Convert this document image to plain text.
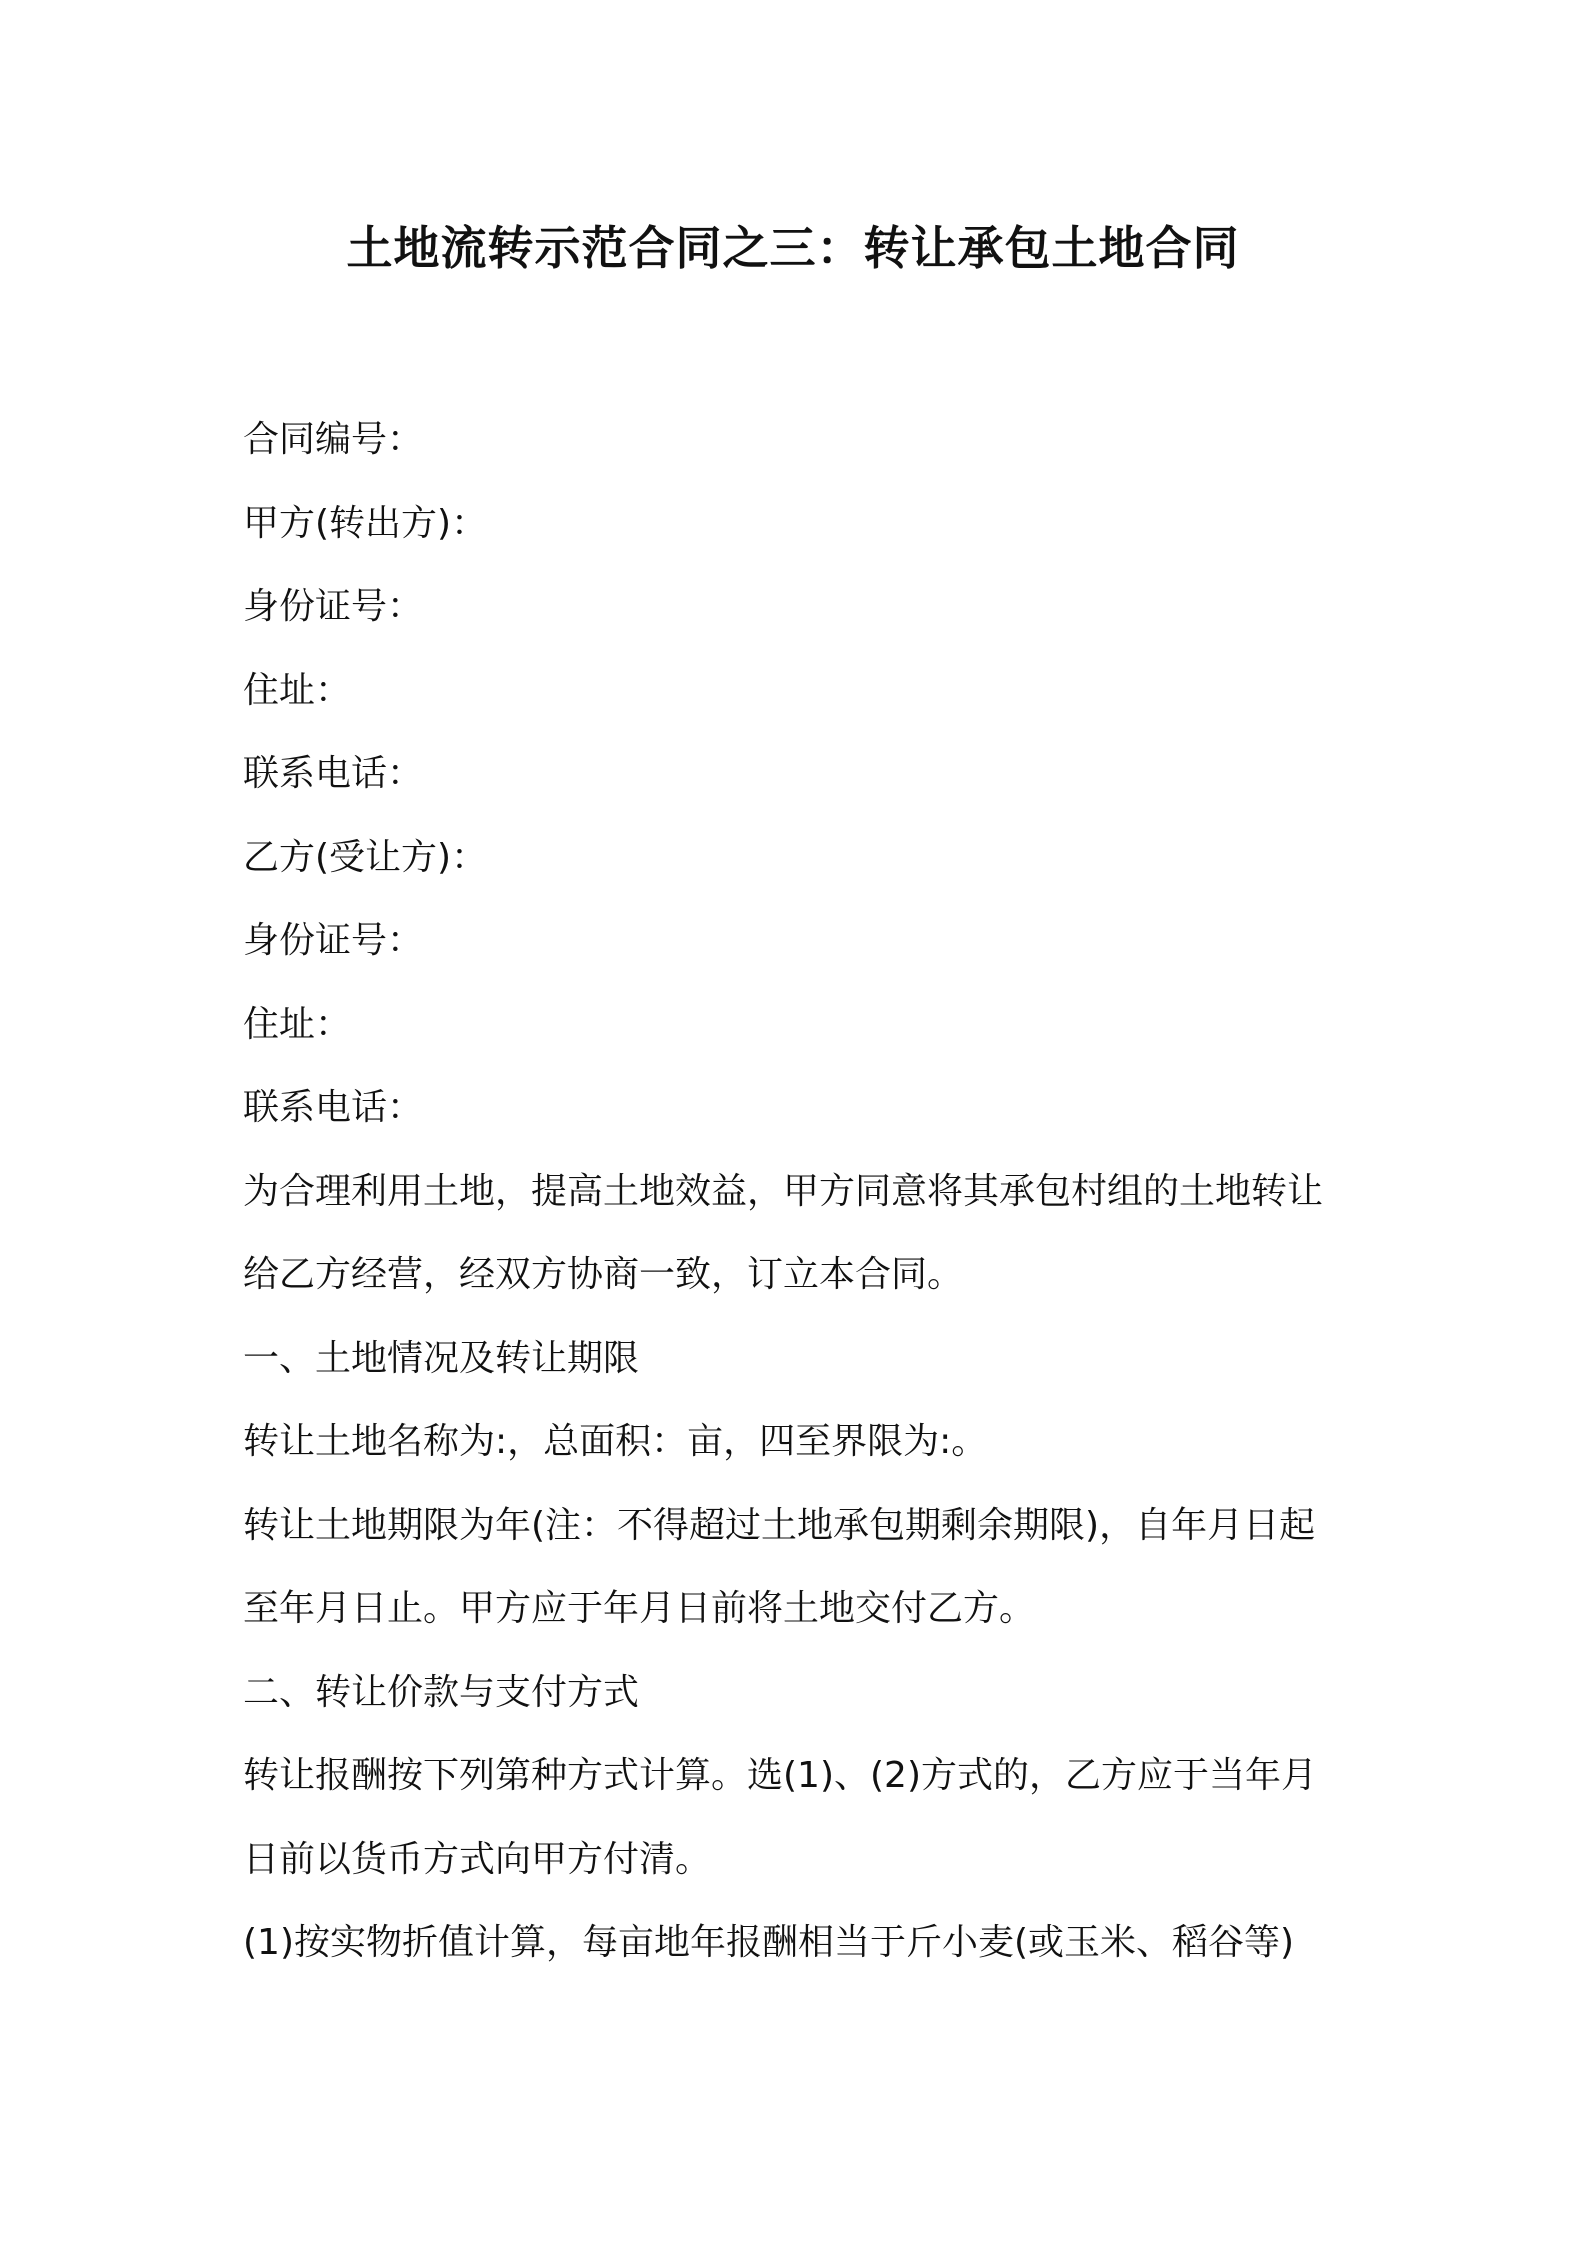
土地流转示范合同之三：转让承包土地合同
合同编号：
甲方(转出方)：
身份证号：
住址：
联系电话：
乙方(受让方)：
身份证号：
住址：
联系电话：
为合理利用土地，提高土地效益，甲方同意将其承包村组的土地转让
给乙方经营，经双方协商一致，订立本合同。
一、土地情况及转让期限
转让土地名称为:，总面积：亩，四至界限为:。
转让土地期限为年(注：不得超过土地承包期剩余期限)，自年月日起
至年月日止。甲方应于年月日前将土地交付乙方。
二、转让价款与支付方式
转让报酬按下列第种方式计算。选(1)、(2)方式的，乙方应于当年月
日前以货币方式向甲方付清。
(1)按实物折值计算，每亩地年报酬相当于斤小麦(或玉米、稻谷等)
